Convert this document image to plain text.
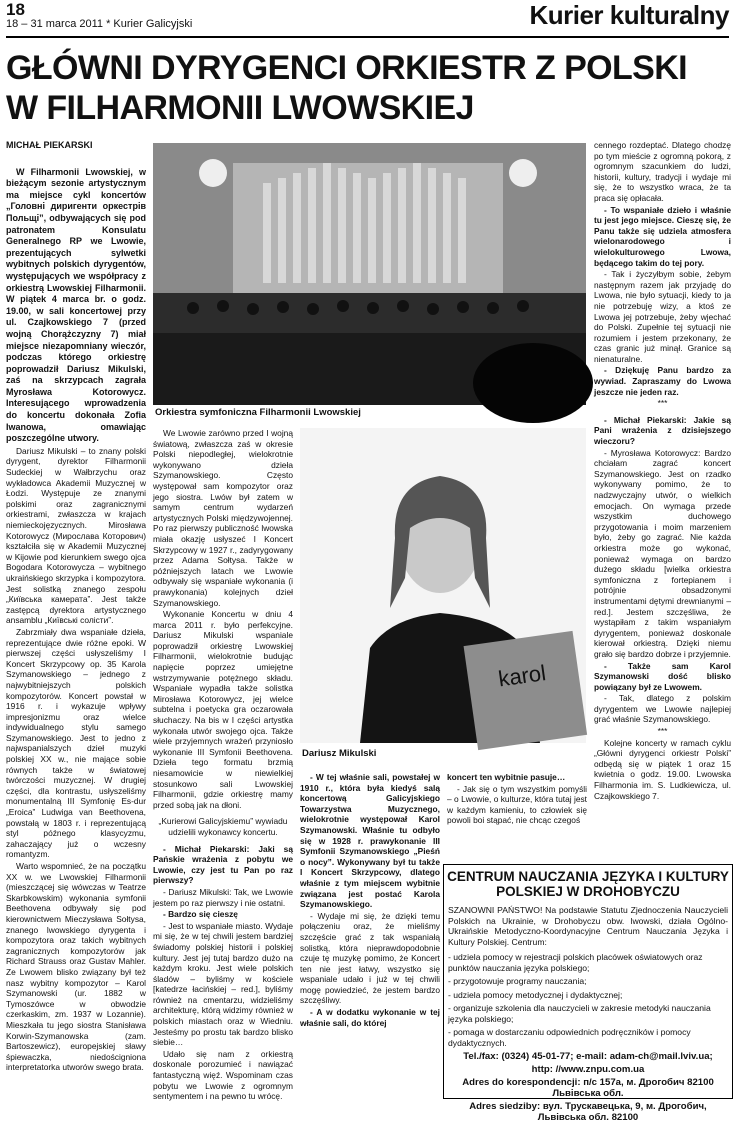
18
18 – 31 marca 2011 * Kurier Galicyjski	Kurier kulturalny
GŁÓWNI DYRYGENCI ORKIESTR Z POLSKI
W FILHARMONII LWOWSKIEJ

MICHAŁ PIEKARSKI

W Filharmonii Lwowskiej, w bieżącym sezonie artystycznym ma miejsce cykl koncertów „Головні диригенти оркестрів Польщі”, odbywających się pod patronatem Konsulatu Generalnego RP we Lwowie, prezentujących sylwetki wybitnych polskich dyrygentów, występujących we współpracy z orkiestrą Lwowskiej Filharmonii. W piątek 4 marca br. o godz. 19.00, w sali koncertowej przy ul. Czajkowskiego 7 (przed wojną Chorążczyzny 7) miał miejsce niezapomniany wieczór, podczas którego orkiestrę poprowadził Dariusz Mikulski, zaś na skrzypcach zagrała Myrosława Kotorowycz. Interesującego wprowadzenia do koncertu dokonała Zofia Iwanowa, omawiając poszczególne utwory.

Dariusz Mikulski – to znany polski dyrygent, dyrektor Filharmonii Sudeckiej w Wałbrzychu oraz wykładowca Akademii Muzycznej w Łodzi. Występuje ze znanymi polskimi oraz zagranicznymi orkiestrami, zwłaszcza w krajach niemieckojęzycznych. Mirosława Kotorowycz (Мирослава Которович) kształciła się w Akademii Muzycznej w Kijowie pod kierunkiem swego ojca Bogodara Kotorowycza – wybitnego ukraińskiego skrzypka i kompozytora. Jest solistką znanego zespołu „Київська камерата”. Jest także zastępcą dyrektora artystycznego ansamblu „Київські солісти”.

Zabrzmiały dwa wspaniałe dzieła, reprezentujące dwie różne epoki. W pierwszej części usłyszeliśmy I Koncert Skrzypcowy op. 35 Karola Szymanowskiego – jednego z najwybitniejszych polskich kompozytorów. Koncert powstał w 1916 r. i wykazuje wpływy impresjonizmu oraz wielce indywidualnego stylu samego Szymanowskiego. Jest to jedno z najwspanialszych dzieł muzyki polskiej XX w., nie mające sobie równych także w światowej twórczości muzycznej. W drugiej części, dla kontrastu, usłyszeliśmy monumentalną III Symfonię Es-dur „Eroica” Ludwiga van Beethovena, powstałą w 1803 r. i reprezentującą styl późnego klasycyzmu, zahaczający już o wczesny romantyzm.

Warto wspomnieć, że na początku XX w. we Lwowskiej Filharmonii (mieszczącej się wówczas w Teatrze Skarbkowskim) wykonania symfonii Beethovena odbywały się pod kierownictwem Mieczysława Sołtysa, znanego lwowskiego dyrygenta i kompozytora oraz takich wybitnych zagranicznych kompozytorów jak Richard Strauss oraz Gustav Mahler. Ze Lwowem blisko związany był też nasz wybitny kompozytor – Karol Szymanowski (ur. 1882 w Tymoszówce w obwodzie czerkaskim, zm. 1937 w Lozannie). Mieszkała tu jego siostra Stanisława Korwin-Szymanowska (zam. Bartoszewicz), europejskiej sławy śpiewaczka, niedościgniona interpretatorka utworów swego brata.

Orkiestra symfoniczna Filharmonii Lwowskiej

We Lwowie zarówno przed I wojną światową, zwłaszcza zaś w okresie Polski niepodległej, wielokrotnie wykonywano dzieła Szymanowskiego. Często występował sam kompozytor oraz jego siostra. Lwów był zatem w samym centrum wydarzeń artystycznych Polski międzywojennej. Po raz pierwszy publiczność lwowska miała okazję usłyszeć I Koncert Skrzypcowy w 1927 r., zadyrygowany przez Adama Sołtysa. Także w późniejszych latach we Lwowie odbywały się wspaniałe wykonania (i prawykonania) kolejnych dzieł Szymanowskiego.

Wykonanie Koncertu w dniu 4 marca 2011 r. było perfekcyjne. Dariusz Mikulski wspaniale poprowadził orkiestrę Lwowskiej Filharmonii, wielokrotnie budując napięcie poprzez umiejętne wstrzymywanie potężnego składu. Wspaniałe wypadła także solistka Mirosława Kotorowycz, jej wielce subtelna i poetycka gra oczarowała słuchaczy. Na bis w I części artystka wykonała utwór swojego ojca. Także wiele przyjemnych wrażeń przyniosło wykonanie III Symfonii Beethovena. Dzieła tego formatu brzmią niesamowicie w niewielkiej stosunkowo sali Lwowskiej Filharmonii, gdzie orkiestrę mamy przed sobą jak na dłoni.

„Kurierowi Galicyjskiemu” wywiadu udzielili wykonawcy koncertu.

- Michał Piekarski: Jaki są Pańskie wrażenia z pobytu we Lwowie, czy jest tu Pan po raz pierwszy?

- Dariusz Mikulski: Tak, we Lwowie jestem po raz pierwszy i nie ostatni.

- Bardzo się cieszę

- Jest to wspaniałe miasto. Wydaje mi się, że w tej chwili jestem bardziej świadomy polskiej historii i polskiej kultury. Jest jej tutaj bardzo dużo na każdym kroku. Jest wiele polskich śladów – byliśmy w kościele [katedrze łacińskiej – red.], byliśmy również na cmentarzu, widzieliśmy architekturę, którą widzimy również w polskich miastach oraz w Wiedniu. Jesteśmy po prostu tak bardzo blisko siebie…

Udało się nam z orkiestrą doskonale porozumieć i nawiązać fantastyczną więź. Wspominam czas pobytu we Lwowie z ogromnym sentymentem i na pewno tu wrócę.

karol
Dariusz Mikulski

- W tej właśnie sali, powstałej w 1910 r., która była kiedyś salą koncertową Galicyjskiego Towarzystwa Muzycznego, wielokrotnie występował Karol Szymanowski. Właśnie tu odbyło się w 1928 r. prawykonanie III Symfonii Szymanowskiego „Pieśń o nocy”. Wykonywany był tu także I Koncert Skrzypcowy, dlatego właśnie z tym miejscem wybitnie związana jest postać Karola Szymanowskiego.

- Wydaje mi się, że dzięki temu połączeniu oraz, że mieliśmy szczęście grać z tak wspaniałą solistką, która nieprawdopodobnie czuje tę muzykę pomimo, że Koncert ten nie jest łatwy, wszystko się wspaniale udało i już w tej chwili mogę powiedzieć, że jestem bardzo szczęśliwy.

- A w dodatku wykonanie w tej właśnie sali, do której

koncert ten wybitnie pasuje…

- Jak się o tym wszystkim pomyśli – o Lwowie, o kulturze, która tutaj jest w każdym kamieniu, to człowiek się powoli boi stąpać, nie chcąc czegoś

cennego rozdeptać. Dlatego chodzę po tym mieście z ogromną pokorą, z ogromnym szacunkiem do ludzi, historii, kultury, tradycji i wydaje mi się, że to wszystko wraca, że ta praca się opłacała.

- To wspaniałe dzieło i właśnie tu jest jego miejsce. Cieszę się, że Panu także się udziela atmosfera wielonarodowego i wielokulturowego Lwowa, będącego takim do tej pory.

- Tak i życzyłbym sobie, żebym następnym razem jak przyjadę do Lwowa, nie było sytuacji, kiedy to ja nie potrzebuję wizy, a ktoś ze Lwowa jej potrzebuje, żeby wjechać do Polski. Zupełnie tej sytuacji nie rozumiem i jestem przekonany, że czas granic już minął. Granice są nienaturalne.

- Dziękuję Panu bardzo za wywiad. Zapraszamy do Lwowa jeszcze nie jeden raz.

***

- Michał Piekarski: Jakie są Pani wrażenia z dzisiejszego wieczoru?

- Myrosława Kotorowycz: Bardzo chciałam zagrać koncert Szymanowskiego. Jest on rzadko wykonywany pomimo, że to nadzwyczajny utwór, o wielkich emocjach. On wymaga przede wszystkim duchowego przygotowania i moim marzeniem było, żeby go zagrać. Nie każda orkiestra może go wykonać, ponieważ wymaga on bardzo dużego składu [wielka orkiestra symfoniczna z fortepianem i potrójnie obsadzonymi instrumentami dętymi drewnianymi – red.]. Jestem szczęśliwa, że wystąpiłam z takim wspaniałym dyrygentem, ponieważ doskonale kierował orkiestrą. Dzięki niemu grało się bardzo dobrze i przyjemnie.

- Także sam Karol Szymanowski dość blisko powiązany był ze Lwowem.

- Tak, dlatego z polskim dyrygentem we Lwowie najlepiej grać właśnie Szymanowskiego.

***

Kolejne koncerty w ramach cyklu „Główni dyrygenci orkiestr Polski” odbędą się w piątek 1 oraz 15 kwietnia o godz. 19.00. Lwowska Filharmonia im. S. Ludkiewicza, ul. Czajkowskiego 7.

CENTRUM NAUCZANIA JĘZYKA I KULTURY POLSKIEJ W DROHOBYCZU

SZANOWNI PAŃSTWO! Na podstawie Statutu Zjednoczenia Nauczycieli Polskich na Ukrainie, w Drohobyczu obw. lwowski, działa Ogólno-Ukraińskie Metodyczno-Koordynacyjne Centrum Nauczania Języka i Kultury Polskiej. Centrum:

- udziela pomocy w rejestracji polskich placówek oświatowych oraz punktów nauczania języka polskiego;
- przygotowuje programy nauczania;
- udziela pomocy metodycznej i dydaktycznej;
- organizuje szkolenia dla nauczycieli w zakresie metodyki nauczania języka polskiego;
- pomaga w dostarczaniu odpowiednich podręczników i pomocy dydaktycznych.
Tel./fax: (0324) 45-01-77; e-mail: adam-ch@mail.lviv.ua;
http: //www.znpu.com.ua
Adres do korespondencji: п/с 157а, м. Дрогобич 82100 Львівська обл.
Adres siedziby: вул. Трускавецька, 9, м. Дрогобич, Львівська обл. 82100
